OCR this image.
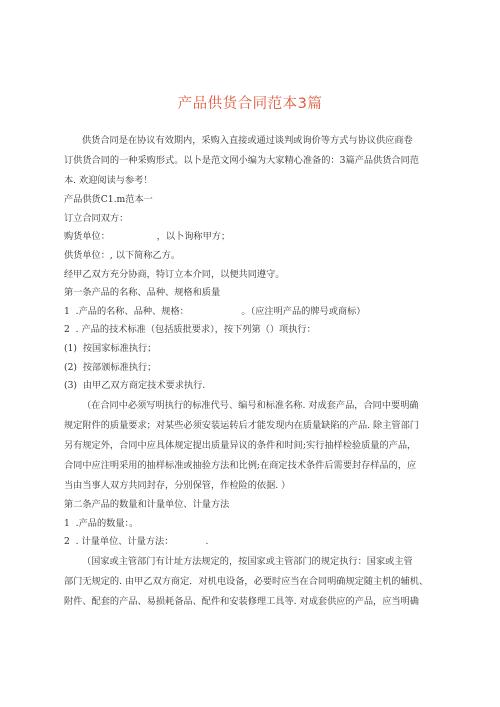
产品供货合同范本3篇

供货合同是在协议有效期内，采购入直接或通过谈判或询价等方式与协议供应商卷

订供货合同的一种采购形式。以卜是范文网小编为大家精心准备的：3篇产品供货合同范

本. 欢迎阅读与参考！

产品供货C1.m范本一

订立合同双方：

购货单位：                ，以卜询称甲方；

供货单位：, 以下简称乙方。

经甲乙双方充分协商，特订立本介同，以便共同遵守。

第一条产品的名称、品种、规格和质量

1  .产品的名称、品种、规格：                  。（应注明产品的牌号或商标）

2  . 产品的技术标准（包括质批要求），按下列第（）项执行：

(1)  按国家标准执行；

(2)  按部颁标准执行；

(3)  由甲乙双方商定技术要求执行.

（在合同中必须写明执行的标准代号、编号和标准名称. 对成套产品，合同中要明确

规定附件的质量要求；对某些必须安装运转后才能发现内在质量缺陷的产品. 除主管部门

另有规定外，合同中应具体规定提出质量异议的条件和时间;实行抽样检验质量的产品，

合同中应注明采用的抽样标准或抽验方法和比例;在商定技术条件后需要封存样品的，应

当由当事人双方共同封存，分别保管，作检险的依据. ）

第二条产品的数量和计量单位、计量方法

1  .产品的数量：。

2  . 计量单位、计量方法：           .

（国家或主管部门有计址方法规定的，按国家或主管部门的规定执行：国家或主管

部门无规定的. 由甲乙双方商定．对机电设备，必要时应当在合同明确规定随主机的辅机、

附件、配套的产品、易损耗备品、配件和安装修理工具等. 对成套供应的产品，应当明确
